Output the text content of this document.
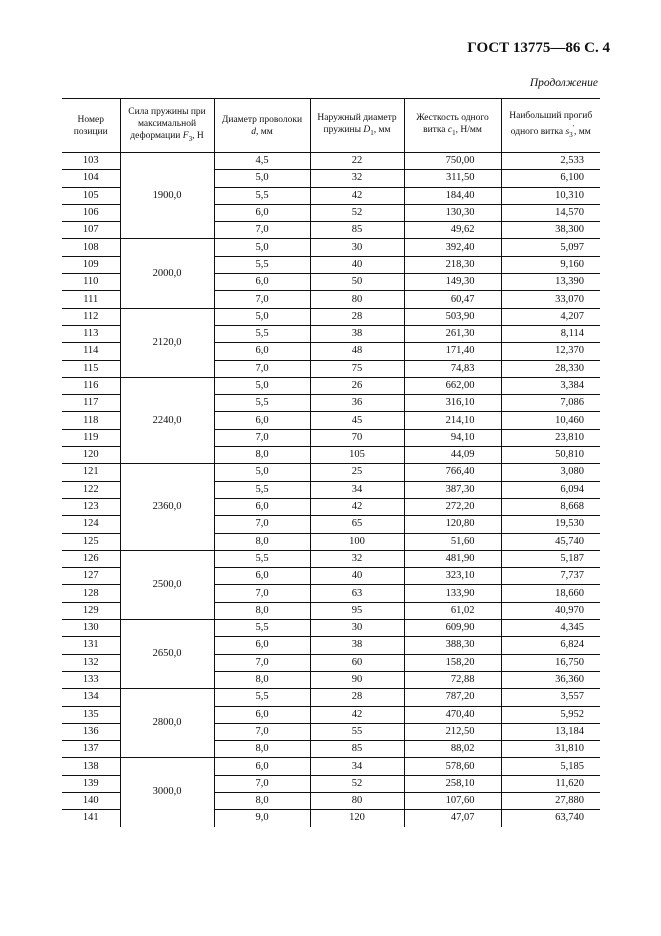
ГОСТ 13775—86 С. 4
Продолжение
Номер позиции	Сила пружины при максимальной деформации $F_3$, Н	Диаметр проволоки d, мм	Наружный диаметр пружины $D_1$, мм	Жесткость одного витка $c_1$, Н/мм	Наибольший прогиб одного витка $s_3'$, мм
103	1900,0	4,5	22	750,00	2,533
104		5,0	32	311,50	6,100
105		5,5	42	184,40	10,310
106		6,0	52	130,30	14,570
107		7,0	85	49,62	38,300
108	2000,0	5,0	30	392,40	5,097
109		5,5	40	218,30	9,160
110		6,0	50	149,30	13,390
111		7,0	80	60,47	33,070
112	2120,0	5,0	28	503,90	4,207
113		5,5	38	261,30	8,114
114		6,0	48	171,40	12,370
115		7,0	75	74,83	28,330
116	2240,0	5,0	26	662,00	3,384
117		5,5	36	316,10	7,086
118		6,0	45	214,10	10,460
119		7,0	70	94,10	23,810
120		8,0	105	44,09	50,810
121	2360,0	5,0	25	766,40	3,080
122		5,5	34	387,30	6,094
123		6,0	42	272,20	8,668
124		7,0	65	120,80	19,530
125		8,0	100	51,60	45,740
126	2500,0	5,5	32	481,90	5,187
127		6,0	40	323,10	7,737
128		7,0	63	133,90	18,660
129		8,0	95	61,02	40,970
130	2650,0	5,5	30	609,90	4,345
131		6,0	38	388,30	6,824
132		7,0	60	158,20	16,750
133		8,0	90	72,88	36,360
134	2800,0	5,5	28	787,20	3,557
135		6,0	42	470,40	5,952
136		7,0	55	212,50	13,184
137		8,0	85	88,02	31,810
138	3000,0	6,0	34	578,60	5,185
139		7,0	52	258,10	11,620
140		8,0	80	107,60	27,880
141		9,0	120	47,07	63,740
